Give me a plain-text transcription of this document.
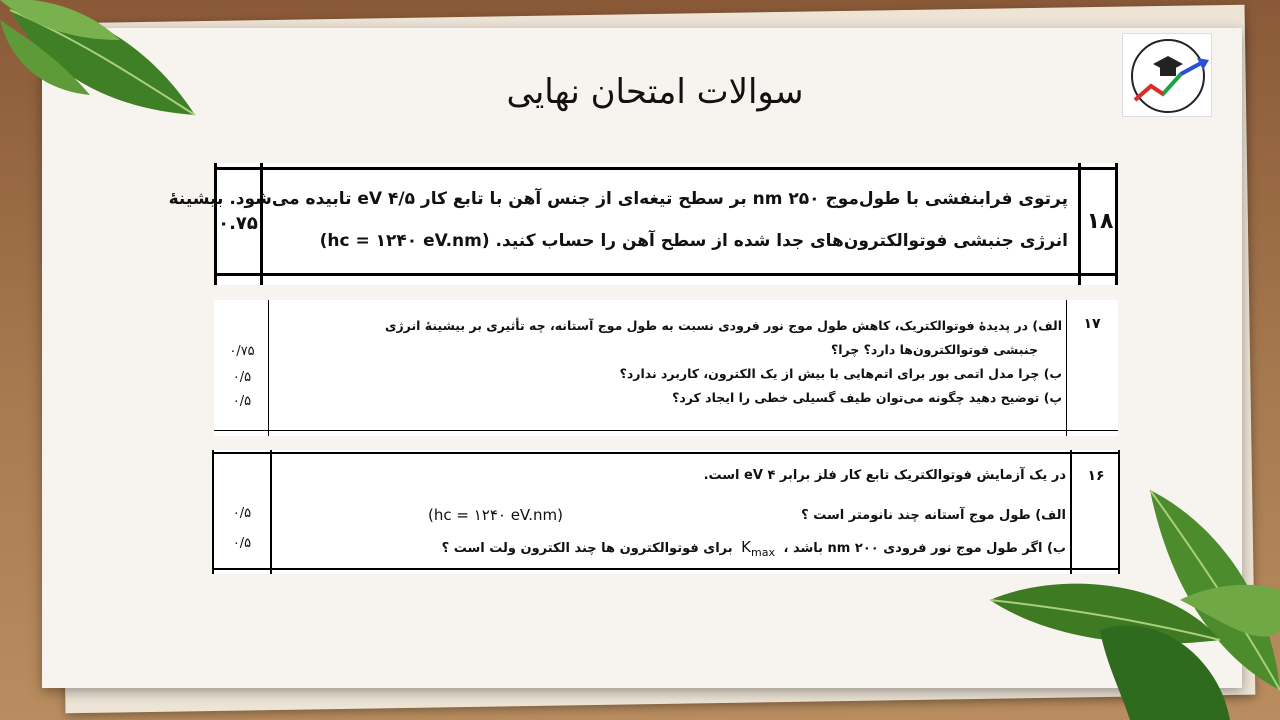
سوالات امتحان نهایی
۱۸
پرتوی فرابنفشی با طول‌موج ۲۵۰ nm بر سطح تیغه‌ای از جنس آهن با تابع کار ۴/۵ eV تابیده می‌شود. بیشینهٔ
انرژی جنبشی فوتوالکترون‌های جدا شده از سطح آهن را حساب کنید. (hc = ۱۲۴۰ eV.nm)
۰.۷۵
۱۷
الف) در پدیدهٔ فوتوالکتریک، کاهش طول موج نور فرودی نسبت به طول موج آستانه، چه تأثیری بر بیشینهٔ انرژی
جنبشی فوتوالکترون‌ها دارد؟ چرا؟
ب) چرا مدل اتمی بور برای اتم‌هایی با بیش از یک الکترون، کاربرد ندارد؟
پ) توضیح دهید چگونه می‌توان طیف گسیلی خطی را ایجاد کرد؟
۰/۷۵
۰/۵
۰/۵
۱۶
در یک آزمایش فوتوالکتریک تابع کار فلز برابر ۴ eV است.
الف) طول موج آستانه چند نانومتر است ؟
(hc = ۱۲۴۰ eV.nm)
ب) اگر طول موج نور فرودی ۲۰۰ nm باشد ، $K_{max}$ برای فوتوالکترون ها چند الکترون ولت است ؟
۰/۵
۰/۵
